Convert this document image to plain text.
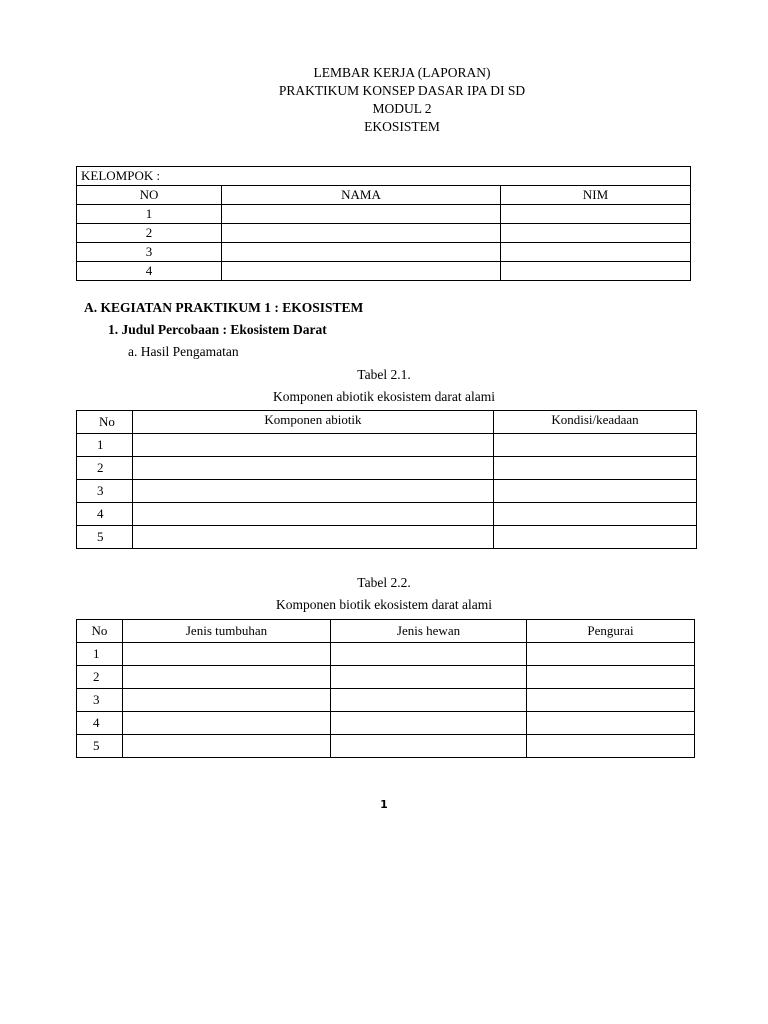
LEMBAR KERJA (LAPORAN)
PRAKTIKUM KONSEP DASAR IPA DI SD
MODUL 2
EKOSISTEM
KELOMPOK :		
NO	NAMA	NIM
1		
2		
3		
4		
A. KEGIATAN PRAKTIKUM 1 : EKOSISTEM
1. Judul Percobaan : Ekosistem Darat
a. Hasil Pengamatan
Tabel 2.1.
Komponen abiotik ekosistem darat alami
No	Komponen abiotik	Kondisi/keadaan
1		
2		
3		
4		
5		
Tabel 2.2.
Komponen biotik ekosistem darat alami
No	Jenis tumbuhan	Jenis hewan	Pengurai
1			
2			
3			
4			
5			
1
